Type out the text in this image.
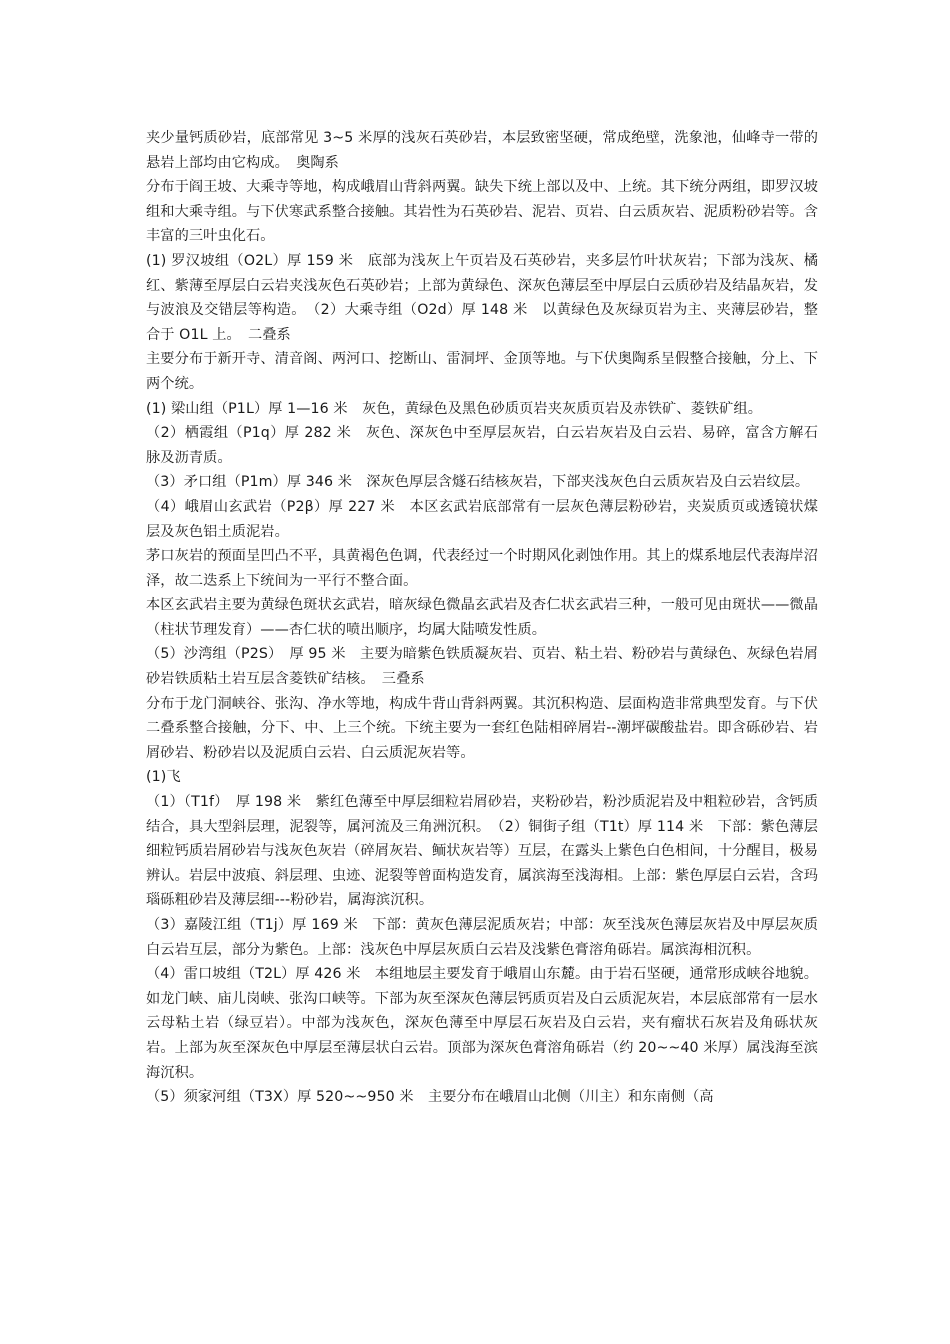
夹少量钙质砂岩，底部常见 3~5 米厚的浅灰石英砂岩，本层致密坚硬，常成绝壁，洗象池，仙峰寺一带的悬岩上部均由它构成。　奥陶系

分布于阎王坡、大乘寺等地，构成峨眉山背斜两翼。缺失下统上部以及中、上统。其下统分两组，即罗汉坡组和大乘寺组。与下伏寒武系整合接触。其岩性为石英砂岩、泥岩、页岩、白云质灰岩、泥质粉砂岩等。含丰富的三叶虫化石。

(1) 罗汉坡组（O2L）厚 159 米　底部为浅灰上午页岩及石英砂岩，夹多层竹叶状灰岩；下部为浅灰、橘红、紫薄至厚层白云岩夹浅灰色石英砂岩；上部为黄绿色、深灰色薄层至中厚层白云质砂岩及结晶灰岩，发与波浪及交错层等构造。　（2）大乘寺组（O2d）厚 148 米　以黄绿色及灰绿页岩为主、夹薄层砂岩，整合于 O1L 上。　二叠系

主要分布于新开寺、清音阁、两河口、挖断山、雷洞坪、金顶等地。与下伏奥陶系呈假整合接触，分上、下两个统。

(1) 梁山组（P1L）厚 1—16 米　灰色，黄绿色及黑色砂质页岩夹灰质页岩及赤铁矿、菱铁矿组。

（2）栖霞组（P1q）厚 282 米　灰色、深灰色中至厚层灰岩，白云岩灰岩及白云岩、易碎，富含方解石脉及沥青质。

（3）矛口组（P1m）厚 346 米　深灰色厚层含燧石结核灰岩，下部夹浅灰色白云质灰岩及白云岩纹层。

（4）峨眉山玄武岩（P2β）厚 227 米　本区玄武岩底部常有一层灰色薄层粉砂岩，夹炭质页或透镜状煤层及灰色铝土质泥岩。

茅口灰岩的预面呈凹凸不平，具黄褐色色调，代表经过一个时期风化剥蚀作用。其上的煤系地层代表海岸沼泽，故二迭系上下统间为一平行不整合面。

本区玄武岩主要为黄绿色斑状玄武岩，暗灰绿色微晶玄武岩及杏仁状玄武岩三种，一般可见由斑状——微晶（柱状节理发育）——杏仁状的喷出顺序，均属大陆喷发性质。

（5）沙湾组（P2S）　厚 95 米　主要为暗紫色铁质凝灰岩、页岩、粘土岩、粉砂岩与黄绿色、灰绿色岩屑砂岩铁质粘土岩互层含菱铁矿结核。　三叠系

分布于龙门洞峡谷、张沟、净水等地，构成牛背山背斜两翼。其沉积构造、层面构造非常典型发育。与下伏二叠系整合接触，分下、中、上三个统。下统主要为一套红色陆相碎屑岩--潮坪碳酸盐岩。即含砾砂岩、岩屑砂岩、粉砂岩以及泥质白云岩、白云质泥灰岩等。

(1)飞

（1）（T1f）　厚 198 米　紫红色薄至中厚层细粒岩屑砂岩，夹粉砂岩，粉沙质泥岩及中粗粒砂岩，含钙质结合，具大型斜层理，泥裂等，属河流及三角洲沉积。　（2）铜街子组（T1t）厚 114 米　下部：紫色薄层细粒钙质岩屑砂岩与浅灰色灰岩（碎屑灰岩、鲕状灰岩等）互层，在露头上紫色白色相间，十分醒目，极易辨认。岩层中波痕、斜层理、虫迹、泥裂等曾面构造发育，属滨海至浅海相。上部：紫色厚层白云岩，含玛瑙砾粗砂岩及薄层细---粉砂岩，属海滨沉积。

（3）嘉陵江组（T1j）厚 169 米　下部：黄灰色薄层泥质灰岩；中部：灰至浅灰色薄层灰岩及中厚层灰质白云岩互层，部分为紫色。上部：浅灰色中厚层灰质白云岩及浅紫色膏溶角砾岩。属滨海相沉积。

（4）雷口坡组（T2L）厚 426 米　本组地层主要发育于峨眉山东麓。由于岩石坚硬，通常形成峡谷地貌。如龙门峡、庙儿岗峡、张沟口峡等。下部为灰至深灰色薄层钙质页岩及白云质泥灰岩，本层底部常有一层水云母粘土岩（绿豆岩）。中部为浅灰色，深灰色薄至中厚层石灰岩及白云岩，夹有瘤状石灰岩及角砾状灰岩。上部为灰至深灰色中厚层至薄层状白云岩。顶部为深灰色膏溶角砾岩（约 20~~40 米厚）属浅海至滨海沉积。

（5）须家河组（T3X）厚 520~~950 米　主要分布在峨眉山北侧（川主）和东南侧（高
